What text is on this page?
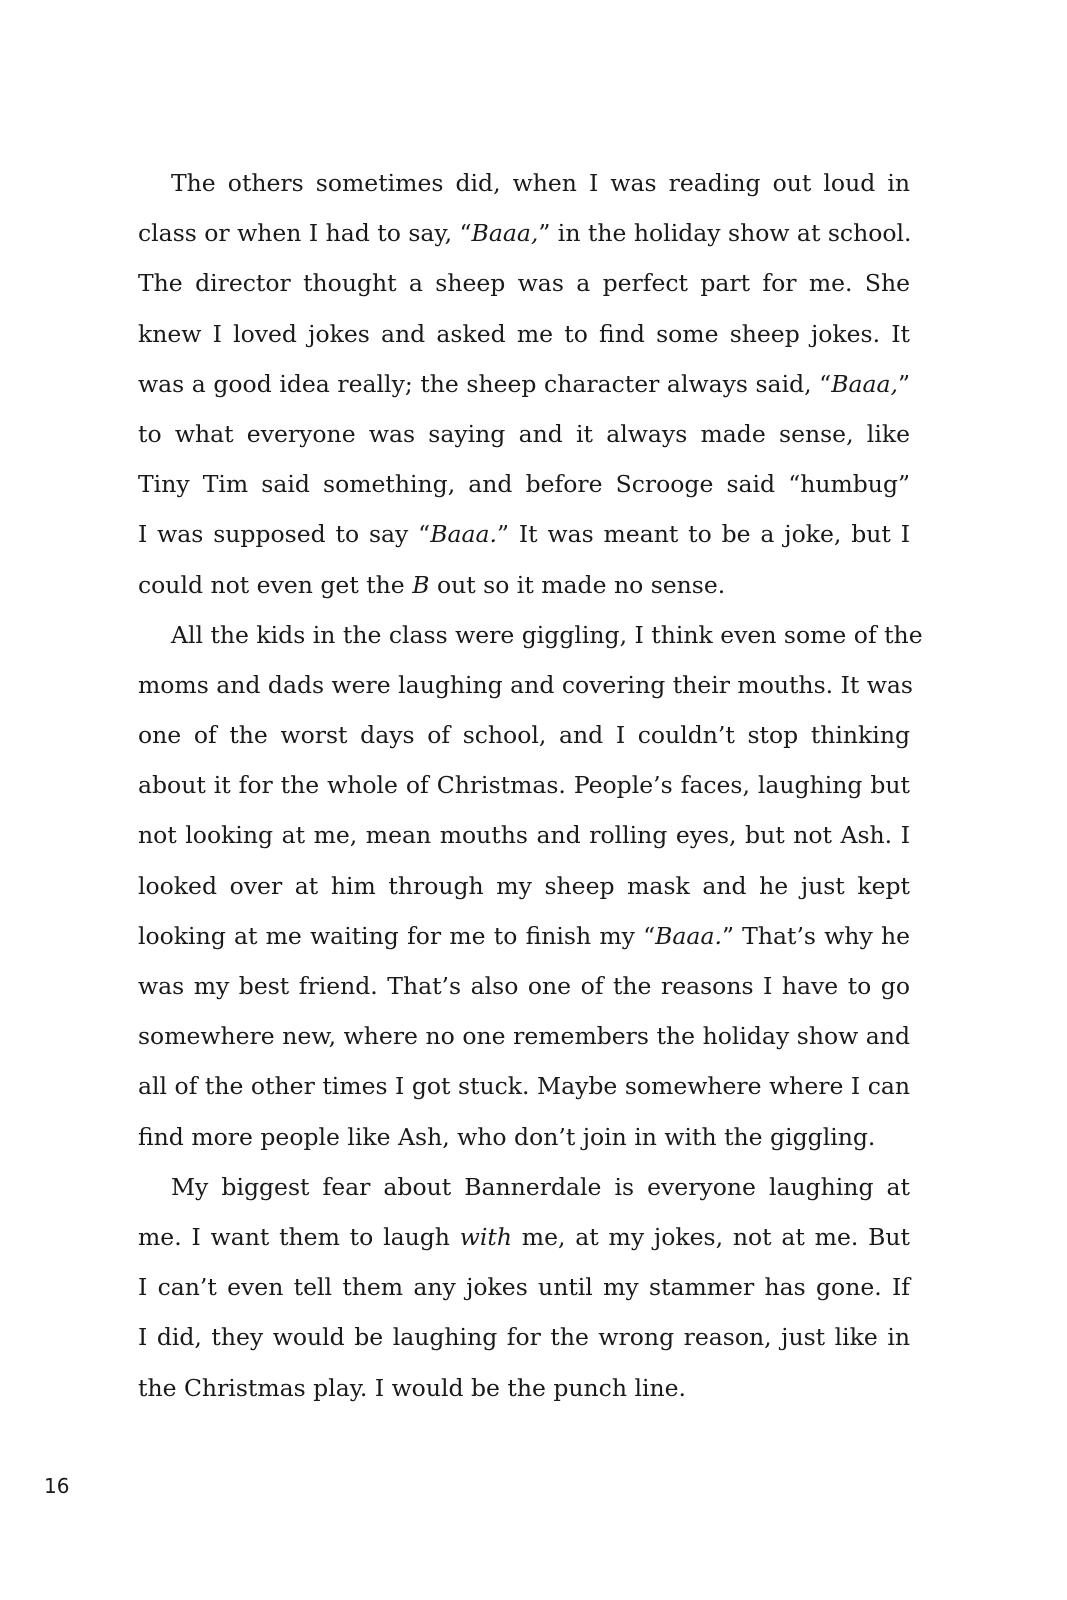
The others sometimes did, when I was reading out loud in
class or when I had to say, “Baaa,” in the holiday show at school.
The director thought a sheep was a perfect part for me. She
knew I loved jokes and asked me to find some sheep jokes. It
was a good idea really; the sheep character always said, “Baaa,”
to what everyone was saying and it always made sense, like
Tiny Tim said something, and before Scrooge said “humbug”
I was supposed to say “Baaa.” It was meant to be a joke, but I
could not even get the B out so it made no sense.
All the kids in the class were giggling, I think even some of the
moms and dads were laughing and covering their mouths. It was
one of the worst days of school, and I couldn’t stop thinking
about it for the whole of Christmas. People’s faces, laughing but
not looking at me, mean mouths and rolling eyes, but not Ash. I
looked over at him through my sheep mask and he just kept
looking at me waiting for me to finish my “Baaa.” That’s why he
was my best friend. That’s also one of the reasons I have to go
somewhere new, where no one remembers the holiday show and
all of the other times I got stuck. Maybe somewhere where I can
find more people like Ash, who don’t join in with the giggling.
My biggest fear about Bannerdale is everyone laughing at
me. I want them to laugh with me, at my jokes, not at me. But
I can’t even tell them any jokes until my stammer has gone. If
I did, they would be laughing for the wrong reason, just like in
the Christmas play. I would be the punch line.
16
